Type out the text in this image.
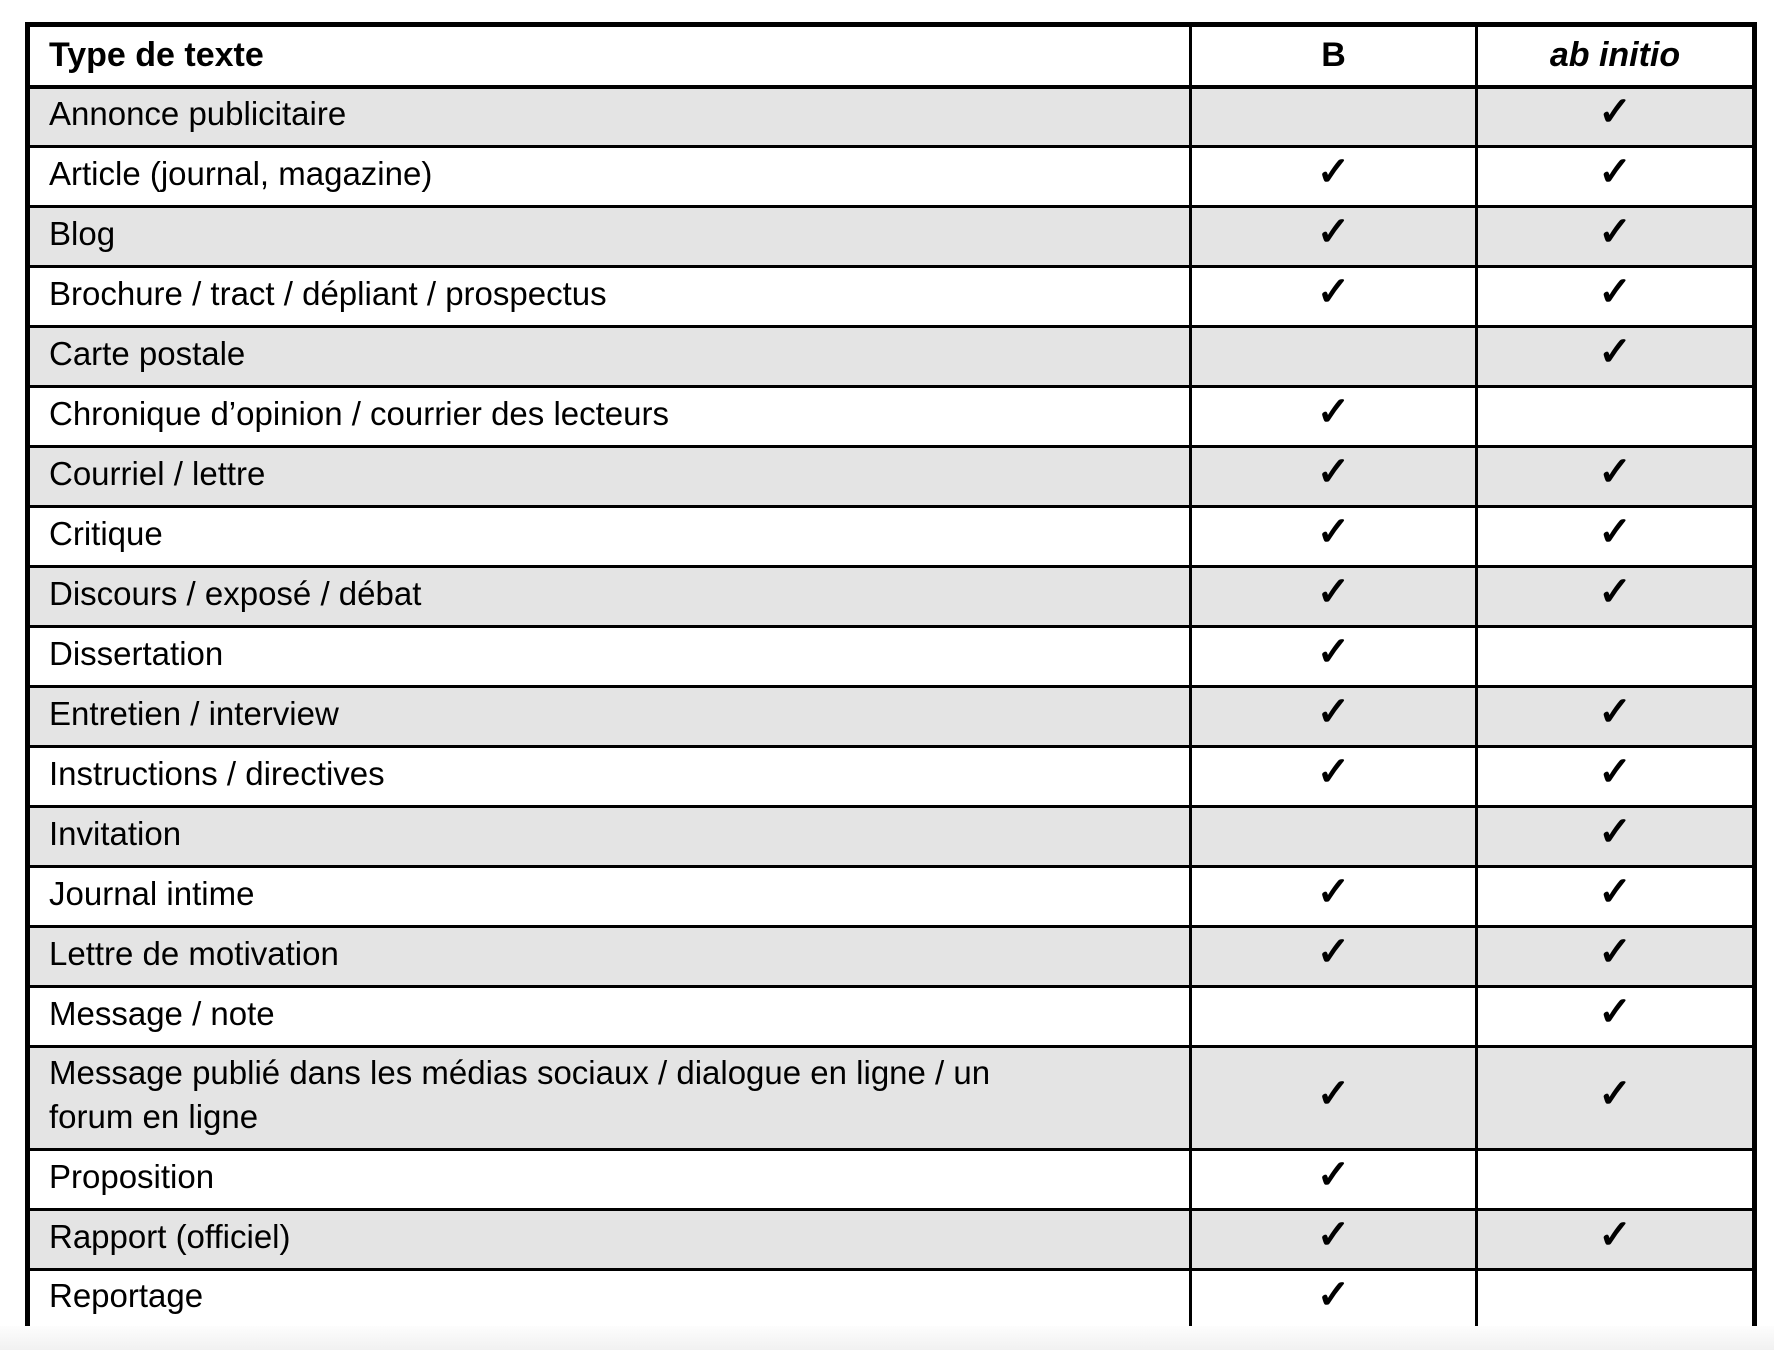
Type de texte	B	ab initio
Annonce publicitaire		✓
Article (journal, magazine)	✓	✓
Blog	✓	✓
Brochure / tract / dépliant / prospectus	✓	✓
Carte postale		✓
Chronique d’opinion / courrier des lecteurs	✓	
Courriel / lettre	✓	✓
Critique	✓	✓
Discours / exposé / débat	✓	✓
Dissertation	✓	
Entretien / interview	✓	✓
Instructions / directives	✓	✓
Invitation		✓
Journal intime	✓	✓
Lettre de motivation	✓	✓
Message / note		✓
Message publié dans les médias sociaux / dialogue en ligne / un forum en ligne	✓	✓
Proposition	✓	
Rapport (officiel)	✓	✓
Reportage	✓	
